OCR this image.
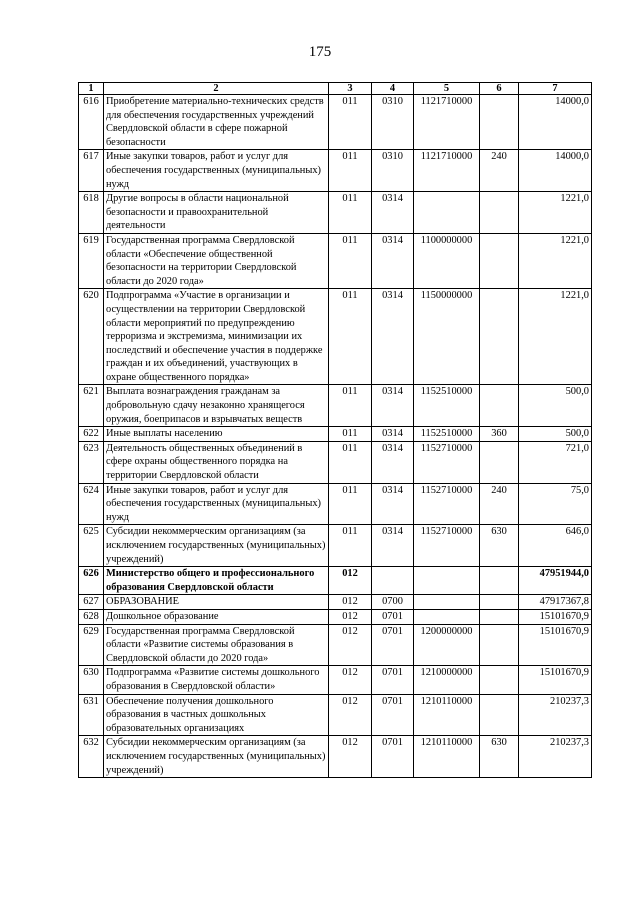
175
1	2	3	4	5	6	7
616	Приобретение материально-технических средств для обеспечения государственных учреждений Свердловской области в сфере пожарной безопасности	011	0310	1121710000		14000,0
617	Иные закупки товаров, работ и услуг для обеспечения государственных (муниципальных) нужд	011	0310	1121710000	240	14000,0
618	Другие вопросы в области национальной безопасности и правоохранительной деятельности	011	0314			1221,0
619	Государственная программа Свердловской области «Обеспечение общественной безопасности на территории Свердловской области до 2020 года»	011	0314	1100000000		1221,0
620	Подпрограмма «Участие в организации и осуществлении на территории Свердловской области мероприятий по предупреждению терроризма и экстремизма, минимизации их последствий и обеспечение участия в поддержке граждан и их объединений, участвующих в охране общественного порядка»	011	0314	1150000000		1221,0
621	Выплата вознаграждения гражданам за добровольную сдачу незаконно хранящегося оружия, боеприпасов и взрывчатых веществ	011	0314	1152510000		500,0
622	Иные выплаты населению	011	0314	1152510000	360	500,0
623	Деятельность общественных объединений в сфере охраны общественного порядка на территории Свердловской области	011	0314	1152710000		721,0
624	Иные закупки товаров, работ и услуг для обеспечения государственных (муниципальных) нужд	011	0314	1152710000	240	75,0
625	Субсидии некоммерческим организациям (за исключением государственных (муниципальных) учреждений)	011	0314	1152710000	630	646,0
626	Министерство общего и профессионального образования Свердловской области	012				47951944,0
627	ОБРАЗОВАНИЕ	012	0700			47917367,8
628	Дошкольное образование	012	0701			15101670,9
629	Государственная программа Свердловской области «Развитие системы образования в Свердловской области до 2020 года»	012	0701	1200000000		15101670,9
630	Подпрограмма «Развитие системы дошкольного образования в Свердловской области»	012	0701	1210000000		15101670,9
631	Обеспечение получения дошкольного образования в частных дошкольных образовательных организациях	012	0701	1210110000		210237,3
632	Субсидии некоммерческим организациям (за исключением государственных (муниципальных) учреждений)	012	0701	1210110000	630	210237,3
